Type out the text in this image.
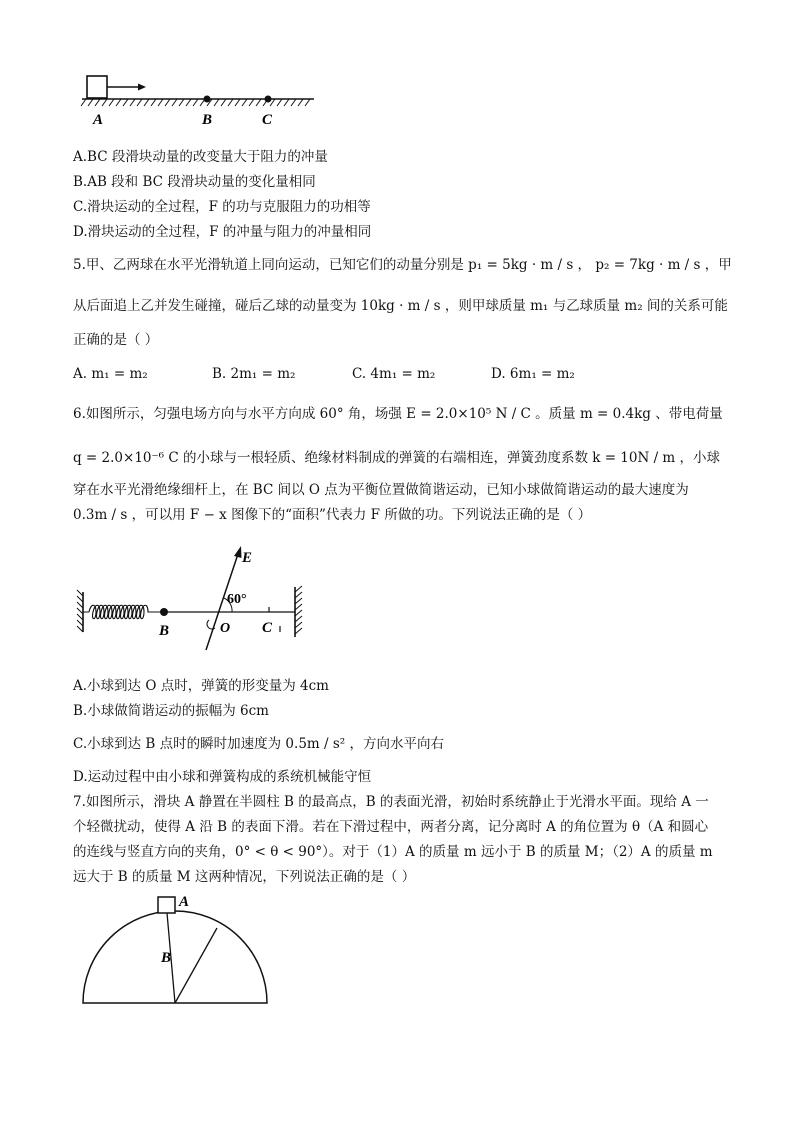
A	B	C
A.BC 段滑块动量的改变量大于阻力的冲量
B.AB 段和 BC 段滑块动量的变化量相同
C.滑块运动的全过程，F 的功与克服阻力的功相等
D.滑块运动的全过程，F 的冲量与阻力的冲量相同
5.甲、乙两球在水平光滑轨道上同向运动，已知它们的动量分别是 p₁ = 5kg · m / s ， p₂ = 7kg · m / s ，甲
从后面追上乙并发生碰撞，碰后乙球的动量变为 10kg · m / s ，则甲球质量 m₁ 与乙球质量 m₂ 间的关系可能
正确的是（ ）
A. m₁ = m₂	B. 2m₁ = m₂	C. 4m₁ = m₂	D. 6m₁ = m₂
6.如图所示，匀强电场方向与水平方向成 60° 角，场强 E = 2.0×10⁵ N / C 。质量 m = 0.4kg 、带电荷量
q = 2.0×10⁻⁶ C 的小球与一根轻质、绝缘材料制成的弹簧的右端相连，弹簧劲度系数 k = 10N / m ，小球
穿在水平光滑绝缘细杆上，在 BC 间以 O 点为平衡位置做简谐运动，已知小球做简谐运动的最大速度为
0.3m / s ，可以用 F − x 图像下的“面积”代表力 F 所做的功。下列说法正确的是（ ）
E
60°
B	O C
A.小球到达 O 点时，弹簧的形变量为 4cm
B.小球做简谐运动的振幅为 6cm
C.小球到达 B 点时的瞬时加速度为 0.5m / s² ，方向水平向右
D.运动过程中由小球和弹簧构成的系统机械能守恒
7.如图所示，滑块 A 静置在半圆柱 B 的最高点，B 的表面光滑，初始时系统静止于光滑水平面。现给 A 一
个轻微扰动，使得 A 沿 B 的表面下滑。若在下滑过程中，两者分离，记分离时 A 的角位置为 θ（A 和圆心
的连线与竖直方向的夹角，0° < θ < 90°）。对于（1）A 的质量 m 远小于 B 的质量 M；（2）A 的质量 m
远大于 B 的质量 M 这两种情况，下列说法正确的是（ ）
A
B
